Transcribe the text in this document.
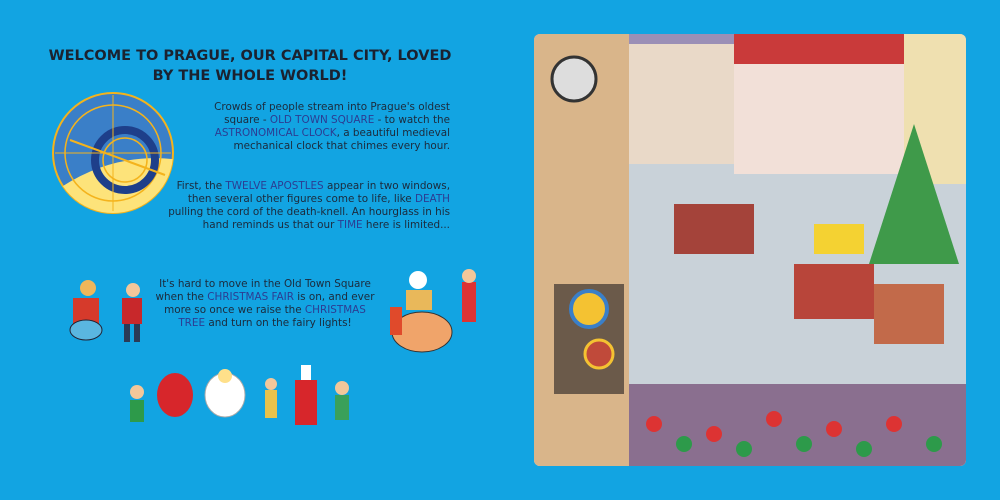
WELCOME TO PRAGUE, OUR CAPITAL CITY, LOVED BY THE WHOLE WORLD!
Crowds of people stream into Prague's oldest square - OLD TOWN SQUARE - to watch the ASTRONOMICAL CLOCK, a beautiful medieval mechanical clock that chimes every hour.
First, the TWELVE APOSTLES appear in two windows, then several other figures come to life, like DEATH pulling the cord of the death-knell. An hourglass in his hand reminds us that our TIME here is limited...
It's hard to move in the Old Town Square when the CHRISTMAS FAIR is on, and ever more so once we raise the CHRISTMAS TREE and turn on the fairy lights!
